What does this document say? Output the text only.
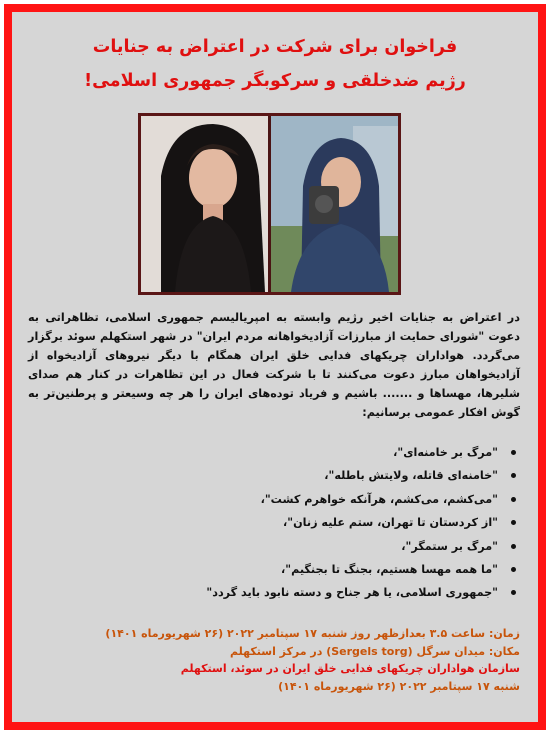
فراخوان برای شرکت در اعتراض به جنایات
رژیم ضدخلقی و سرکوبگر جمهوری اسلامی!
در اعتراض به جنایات اخیر رژیم وابسته به امپریالیسم جمهوری اسلامی، تظاهراتی به دعوت "شورای حمایت از مبارزات آزادیخواهانه مردم ایران" در شهر استکهلم سوئد برگزار می‌گردد. هواداران چریکهای فدایی خلق ایران همگام با دیگر نیروهای آزادیخواه از آزادیخواهان مبارز دعوت می‌کنند تا با شرکت فعال در این تظاهرات در کنار هم صدای شلیرها، مهساها و ....... باشیم و فریاد توده‌های ایران را هر چه وسیعتر و پرطنین‌تر به گوش افکار عمومی برسانیم:
"مرگ بر خامنه‌ای"،
"خامنه‌ای قاتله، ولایتش باطله"،
"می‌کشم، می‌کشم، هرآنکه خواهرم کشت"،
"از کردستان تا تهران، ستم علیه زنان"،
"مرگ بر ستمگر"،
"ما همه مهسا هستیم، بجنگ تا بجنگیم"،
"جمهوری اسلامی، یا هر جناح و دسته نابود باید گردد"
زمان: ساعت ۳.۵ بعدازظهر روز شنبه ۱۷ سپتامبر ۲۰۲۲ (۲۶ شهریورماه ۱۴۰۱)
مکان: میدان سرگل (Sergels torg) در مرکز استکهلم
سازمان هواداران چریکهای فدایی خلق ایران در سوئد، استکهلم
شنبه ۱۷ سپتامبر ۲۰۲۲ (۲۶ شهریورماه ۱۴۰۱)
